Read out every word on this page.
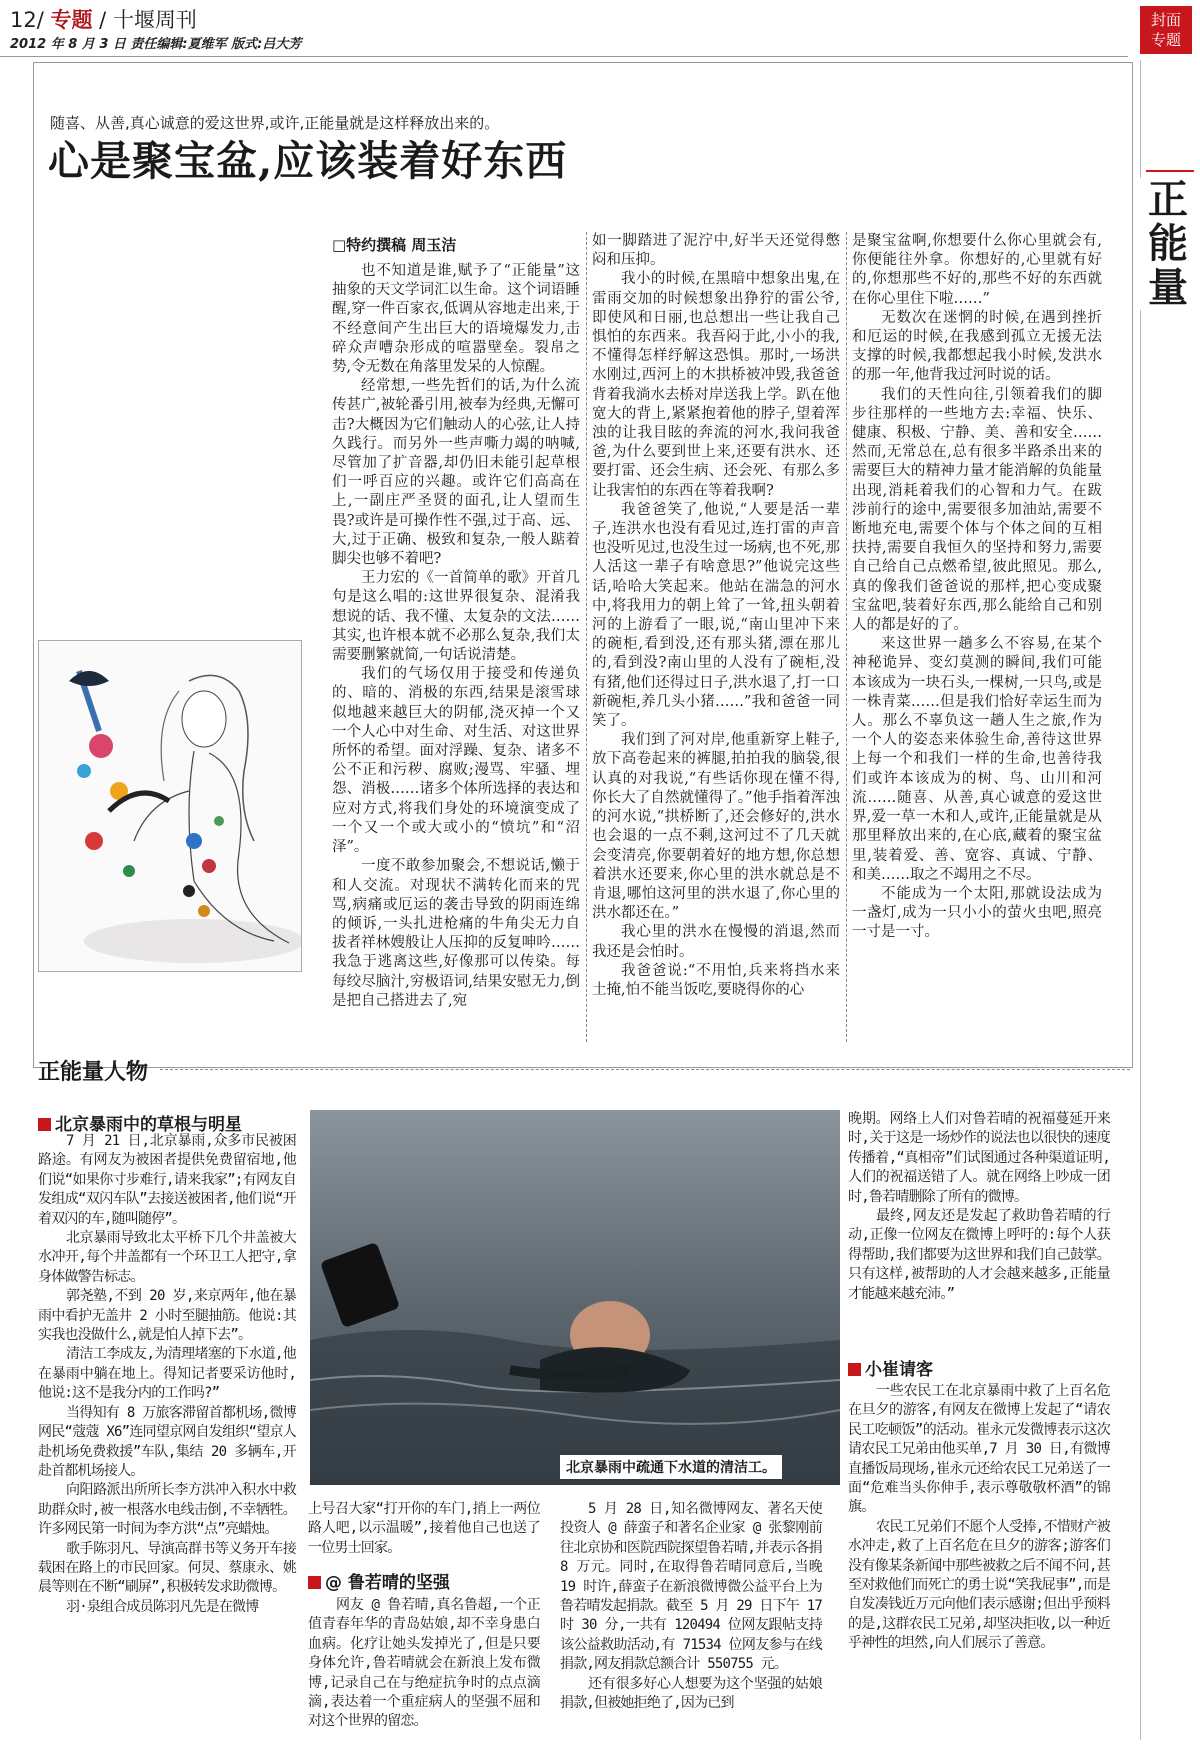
12/ 专题 / 十堰周刊
2012 年 8 月 3 日 责任编辑:夏维军 版式:吕大芳
封面
专题
正
能
量
随喜、从善,真心诚意的爱这世界,或许,正能量就是这样释放出来的。
心是聚宝盆,应该装着好东西
□特约撰稿 周玉洁

也不知道是谁,赋予了“正能量”这抽象的天文学词汇以生命。这个词语睡醒,穿一件百家衣,低调从容地走出来,于不经意间产生出巨大的语境爆发力,击碎众声嘈杂形成的喧嚣壁垒。裂帛之势,令无数在角落里发呆的人惊醒。

经常想,一些先哲们的话,为什么流传甚广,被轮番引用,被奉为经典,无懈可击?大概因为它们触动人的心弦,让人持久践行。而另外一些声嘶力竭的呐喊,尽管加了扩音器,却仍旧未能引起草根们一呼百应的兴趣。或许它们高高在上,一副庄严圣贤的面孔,让人望而生畏?或许是可操作性不强,过于高、远、大,过于正确、极致和复杂,一般人踮着脚尖也够不着吧?

王力宏的《一首简单的歌》开首几句是这么唱的:这世界很复杂、混淆我想说的话、我不懂、太复杂的文法……其实,也许根本就不必那么复杂,我们太需要删繁就简,一句话说清楚。

我们的气场仅用于接受和传递负的、暗的、消极的东西,结果是滚雪球似地越来越巨大的阴郁,浇灭掉一个又一个人心中对生命、对生活、对这世界所怀的希望。面对浮躁、复杂、诸多不公不正和污秽、腐败;漫骂、牢骚、埋怨、消极……诸多个体所选择的表达和应对方式,将我们身处的环境演变成了一个又一个或大或小的“愤坑”和“沼泽”。

一度不敢参加聚会,不想说话,懒于和人交流。对现状不满转化而来的咒骂,病痛或厄运的袭击导致的阴雨连绵的倾诉,一头扎进枪痛的牛角尖无力自拔者祥林嫂般让人压抑的反复呻吟……我急于逃离这些,好像那可以传染。每每绞尽脑汁,穷极语词,结果安慰无力,倒是把自己搭进去了,宛

如一脚踏进了泥泞中,好半天还觉得憋闷和压抑。

我小的时候,在黑暗中想象出鬼,在雷雨交加的时候想象出狰狞的雷公爷,即使风和日丽,也总想出一些让我自己惧怕的东西来。我吾闷于此,小小的我,不懂得怎样纾解这恐惧。那时,一场洪水刚过,西河上的木拱桥被冲毁,我爸爸背着我淌水去桥对岸送我上学。趴在他宽大的背上,紧紧抱着他的脖子,望着浑浊的让我目眩的奔流的河水,我问我爸爸,为什么要到世上来,还要有洪水、还要打雷、还会生病、还会死、有那么多让我害怕的东西在等着我啊?

我爸爸笑了,他说,“人要是活一辈子,连洪水也没有看见过,连打雷的声音也没听见过,也没生过一场病,也不死,那人活这一辈子有啥意思?”他说完这些话,哈哈大笑起来。他站在湍急的河水中,将我用力的朝上耸了一耸,扭头朝着河的上游看了一眼,说,“南山里冲下来的碗柜,看到没,还有那头猪,漂在那儿的,看到没?南山里的人没有了碗柜,没有猪,他们还得过日子,洪水退了,打一口新碗柜,养几头小猪……”我和爸爸一同笑了。

我们到了河对岸,他重新穿上鞋子,放下高卷起来的裤腿,拍拍我的脑袋,很认真的对我说,“有些话你现在懂不得,你长大了自然就懂得了。”他手指着浑浊的河水说,“拱桥断了,还会修好的,洪水也会退的一点不剩,这河过不了几天就会变清亮,你要朝着好的地方想,你总想着洪水还要来,你心里的洪水就总是不肯退,哪怕这河里的洪水退了,你心里的洪水都还在。”

我心里的洪水在慢慢的消退,然而我还是会怕时。

我爸爸说:“不用怕,兵来将挡水来土掩,怕不能当饭吃,要晓得你的心

是聚宝盆啊,你想要什么你心里就会有,你便能往外拿。你想好的,心里就有好的,你想那些不好的,那些不好的东西就在你心里住下啦……”

无数次在迷惘的时候,在遇到挫折和厄运的时候,在我感到孤立无援无法支撑的时候,我都想起我小时候,发洪水的那一年,他背我过河时说的话。

我们的天性向往,引领着我们的脚步往那样的一些地方去:幸福、快乐、健康、积极、宁静、美、善和安全……然而,无常总在,总有很多半路杀出来的需要巨大的精神力量才能消解的负能量出现,消耗着我们的心智和力气。在跋涉前行的途中,需要很多加油站,需要不断地充电,需要个体与个体之间的互相扶持,需要自我恒久的坚持和努力,需要自己给自己点燃希望,彼此照见。那么,真的像我们爸爸说的那样,把心变成聚宝盆吧,装着好东西,那么能给自己和别人的都是好的了。

来这世界一趟多么不容易,在某个神秘诡异、变幻莫测的瞬间,我们可能本该成为一块石头,一棵树,一只鸟,或是一株青菜……但是我们恰好幸运生而为人。那么不辜负这一趟人生之旅,作为一个人的姿态来体验生命,善待这世界上每一个和我们一样的生命,也善待我们或许本该成为的树、鸟、山川和河流……随喜、从善,真心诚意的爱这世界,爱一草一木和人,或许,正能量就是从那里释放出来的,在心底,藏着的聚宝盆里,装着爱、善、宽容、真诚、宁静、和美……取之不竭用之不尽。

不能成为一个太阳,那就设法成为一盏灯,成为一只小小的萤火虫吧,照亮一寸是一寸。

正能量人物
北京暴雨中的草根与明星

7 月 21 日,北京暴雨,众多市民被困路途。有网友为被困者提供免费留宿地,他们说“如果你寸步难行,请来我家”;有网友自发组成“双闪车队”去接送被困者,他们说“开着双闪的车,随叫随停”。

北京暴雨导致北太平桥下几个井盖被大水冲开,每个井盖都有一个环卫工人把守,拿身体做警告标志。

郭尧塾,不到 20 岁,来京两年,他在暴雨中看护无盖井 2 小时至腿抽筋。他说:其实我也没做什么,就是怕人掉下去”。

清洁工李成友,为清理堵塞的下水道,他在暴雨中躺在地上。得知记者要采访他时,他说:这不是我分内的工作吗?”

当得知有 8 万旅客滞留首都机场,微博网民“蔻蔻 X6”连同望京网自发组织“望京人赴机场免费救援”车队,集结 20 多辆车,开赴首都机场接人。

向阳路派出所所长李方洪冲入积水中救助群众时,被一根落水电线击倒,不幸牺牲。许多网民第一时间为李方洪“点”亮蜡烛。

歌手陈羽凡、导演高群书等义务开车接载困在路上的市民回家。何炅、蔡康永、姚晨等则在不断“刷屏”,积极转发求助微博。

羽·泉组合成员陈羽凡先是在微博

北京暴雨中疏通下水道的清洁工。

上号召大家“打开你的车门,捎上一两位路人吧,以示温暖”,接着他自己也送了一位男士回家。

@ 鲁若晴的坚强

网友 @ 鲁若晴,真名鲁超,一个正值青春年华的青岛姑娘,却不幸身患白血病。化疗让她头发掉光了,但是只要身体允许,鲁若晴就会在新浪上发布微博,记录自己在与绝症抗争时的点点滴滴,表达着一个重症病人的坚强不屈和对这个世界的留恋。

5 月 28 日,知名微博网友、著名天使投资人 @ 薛蛮子和著名企业家 @ 张黎刚前往北京协和医院西院探望鲁若晴,并表示各捐 8 万元。同时,在取得鲁若晴同意后,当晚 19 时许,薛蛮子在新浪微博微公益平台上为鲁若晴发起捐款。截至 5 月 29 日下午 17 时 30 分,一共有 120494 位网友跟帖支持该公益救助活动,有 71534 位网友参与在线捐款,网友捐款总额合计 550755 元。

还有很多好心人想要为这个坚强的姑娘捐款,但被她拒绝了,因为已到

晚期。网络上人们对鲁若晴的祝福蔓延开来时,关于这是一场炒作的说法也以很快的速度传播着,“真相帝”们试图通过各种渠道证明,人们的祝福送错了人。就在网络上吵成一团时,鲁若晴删除了所有的微博。

最终,网友还是发起了救助鲁若晴的行动,正像一位网友在微博上呼吁的:每个人获得帮助,我们都要为这世界和我们自己鼓掌。只有这样,被帮助的人才会越来越多,正能量才能越来越充沛。”

小崔请客

一些农民工在北京暴雨中救了上百名危在旦夕的游客,有网友在微博上发起了“请农民工吃顿饭”的活动。崔永元发微博表示这次请农民工兄弟由他买单,7 月 30 日,有微博直播饭局现场,崔永元还给农民工兄弟送了一面“危难当头你伸手,表示尊敬敬杯酒”的锦旗。

农民工兄弟们不愿个人受捧,不惜财产被水冲走,救了上百名危在旦夕的游客;游客们没有像某条新闻中那些被救之后不闻不问,甚至对救他们而死亡的勇士说“笑我屁事”,而是自发凑钱近万元向他们表示感谢;但出乎预料的是,这群农民工兄弟,却坚决拒收,以一种近乎神性的坦然,向人们展示了善意。
